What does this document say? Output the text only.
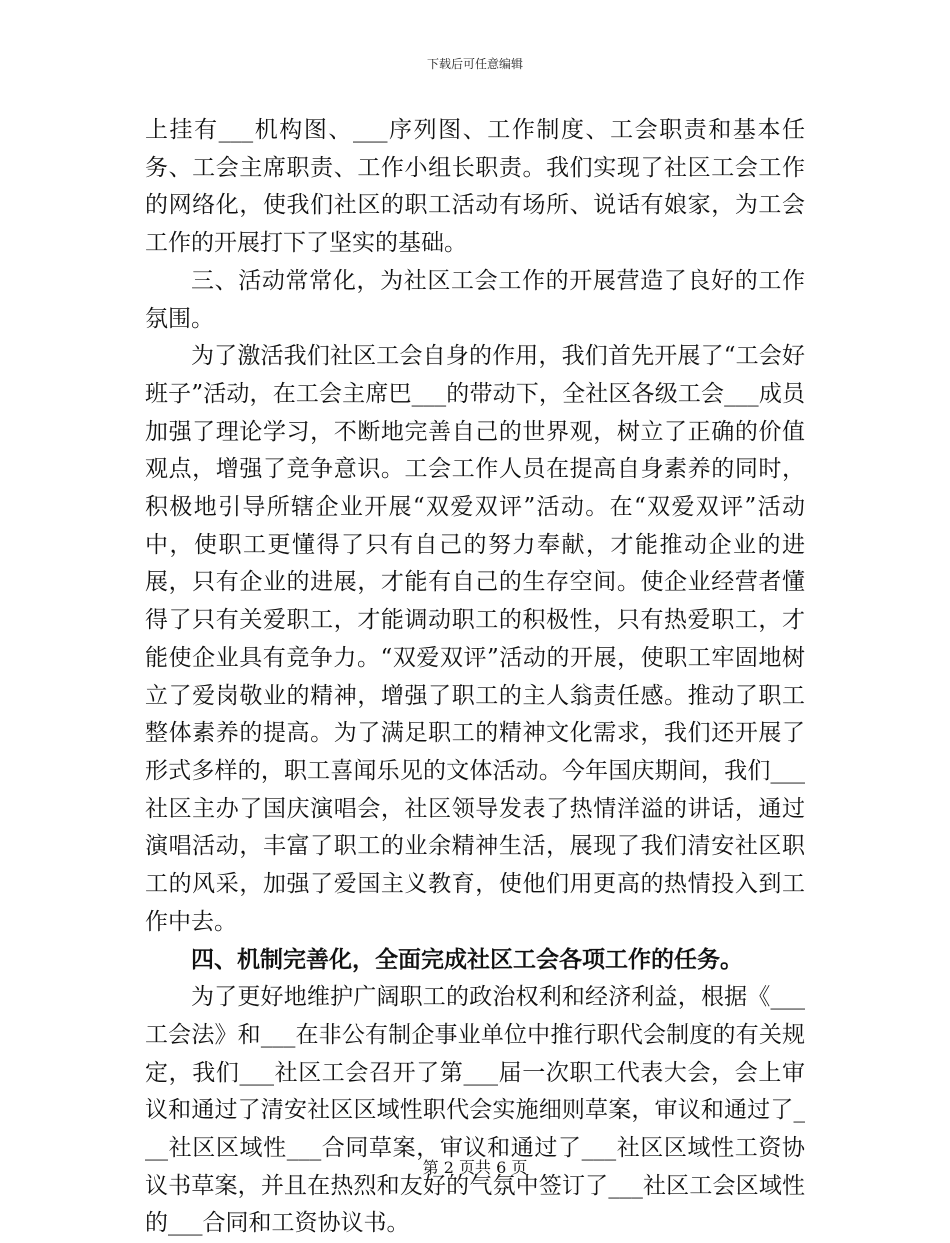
下载后可任意编辑

上挂有___机构图、___序列图、工作制度、工会职责和基本任务、工会主席职责、工作小组长职责。我们实现了社区工会工作的网络化，使我们社区的职工活动有场所、说话有娘家，为工会工作的开展打下了坚实的基础。

三、活动常常化，为社区工会工作的开展营造了良好的工作氛围。

为了激活我们社区工会自身的作用，我们首先开展了“工会好班子”活动，在工会主席巴___的带动下，全社区各级工会___成员加强了理论学习，不断地完善自己的世界观，树立了正确的价值观点，增强了竞争意识。工会工作人员在提高自身素养的同时，积极地引导所辖企业开展“双爱双评”活动。在“双爱双评”活动中，使职工更懂得了只有自己的努力奉献，才能推动企业的进展，只有企业的进展，才能有自己的生存空间。使企业经营者懂得了只有关爱职工，才能调动职工的积极性，只有热爱职工，才能使企业具有竞争力。“双爱双评”活动的开展，使职工牢固地树立了爱岗敬业的精神，增强了职工的主人翁责任感。推动了职工整体素养的提高。为了满足职工的精神文化需求，我们还开展了形式多样的，职工喜闻乐见的文体活动。今年国庆期间，我们___社区主办了国庆演唱会，社区领导发表了热情洋溢的讲话，通过演唱活动，丰富了职工的业余精神生活，展现了我们清安社区职工的风采，加强了爱国主义教育，使他们用更高的热情投入到工作中去。

四、机制完善化，全面完成社区工会各项工作的任务。

为了更好地维护广阔职工的政治权利和经济利益，根据《___工会法》和___在非公有制企事业单位中推行职代会制度的有关规定，我们___社区工会召开了第___届一次职工代表大会，会上审议和通过了清安社区区域性职代会实施细则草案，审议和通过了___社区区域性___合同草案，审议和通过了___社区区域性工资协议书草案，并且在热烈和友好的气氛中签订了___社区工会区域性的___合同和工资协议书。

第 2 页共 6 页
